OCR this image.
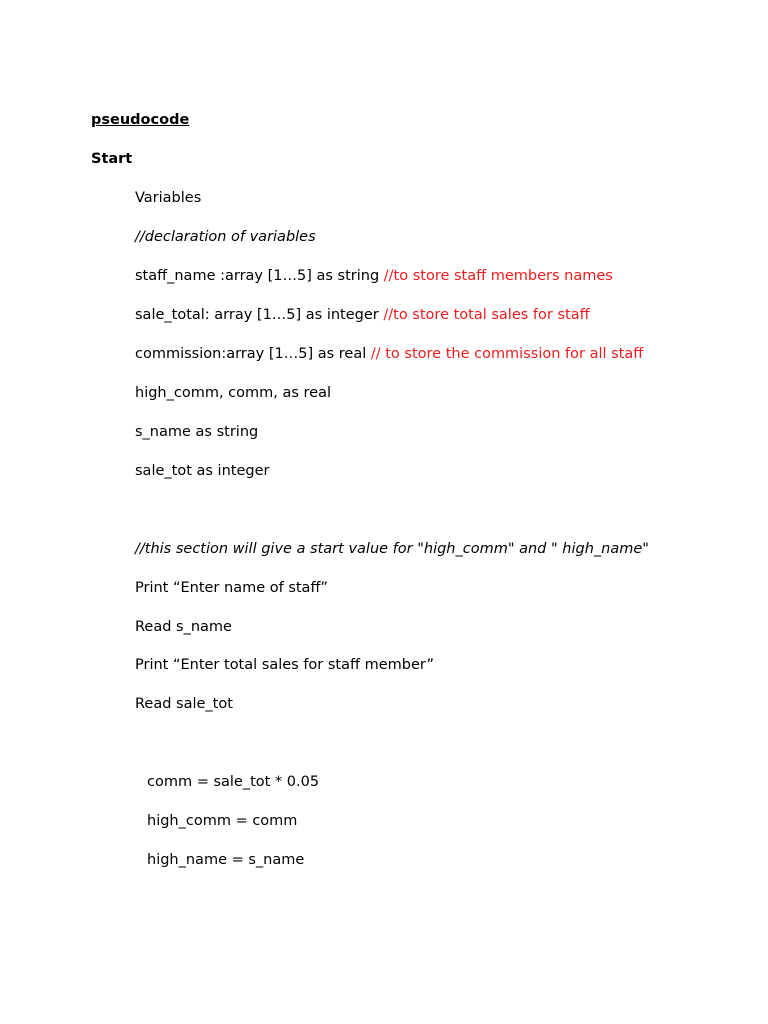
pseudocode
Start
Variables
//declaration of variables
staff_name :array [1…5] as string //to store staff members names
sale_total: array [1…5] as integer //to store total sales for staff
commission:array [1…5] as real // to store the commission for all staff
high_comm, comm, as real
s_name as string
sale_tot as integer
//this section will give a start value for "high_comm" and " high_name"
Print “Enter name of staff”
Read s_name
Print “Enter total sales for staff member”
Read sale_tot
comm = sale_tot * 0.05
high_comm = comm
high_name = s_name
